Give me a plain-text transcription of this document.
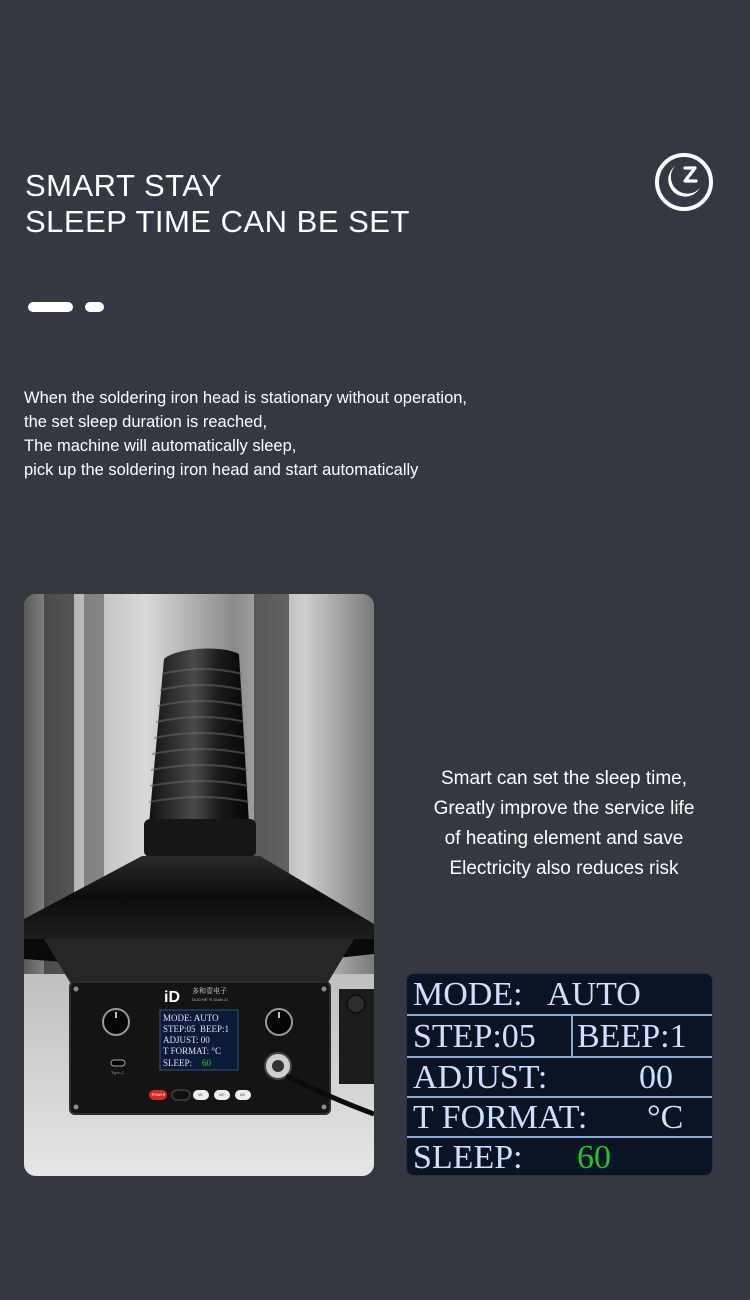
SMART STAY
SLEEP TIME CAN BE SET
When the soldering iron head is stationary without operation,
the set sleep duration is reached,
The machine will automatically sleep,
pick up the soldering iron head and start automatically
iD 多和壹电子
DUO HE YI DIAN ZI
MODE: AUTO
STEP:05 BEEP:1
ADJUST: 00
T FORMAT: °C
SLEEP: 60
Type-C
POWER	M1	M2	M3
Smart can set the sleep time,
Greatly improve the service life
of heating element and save
Electricity also reduces risk
MODE: AUTO
STEP:05 BEEP:1
ADJUST:	00
T FORMAT: °C
SLEEP: 60
